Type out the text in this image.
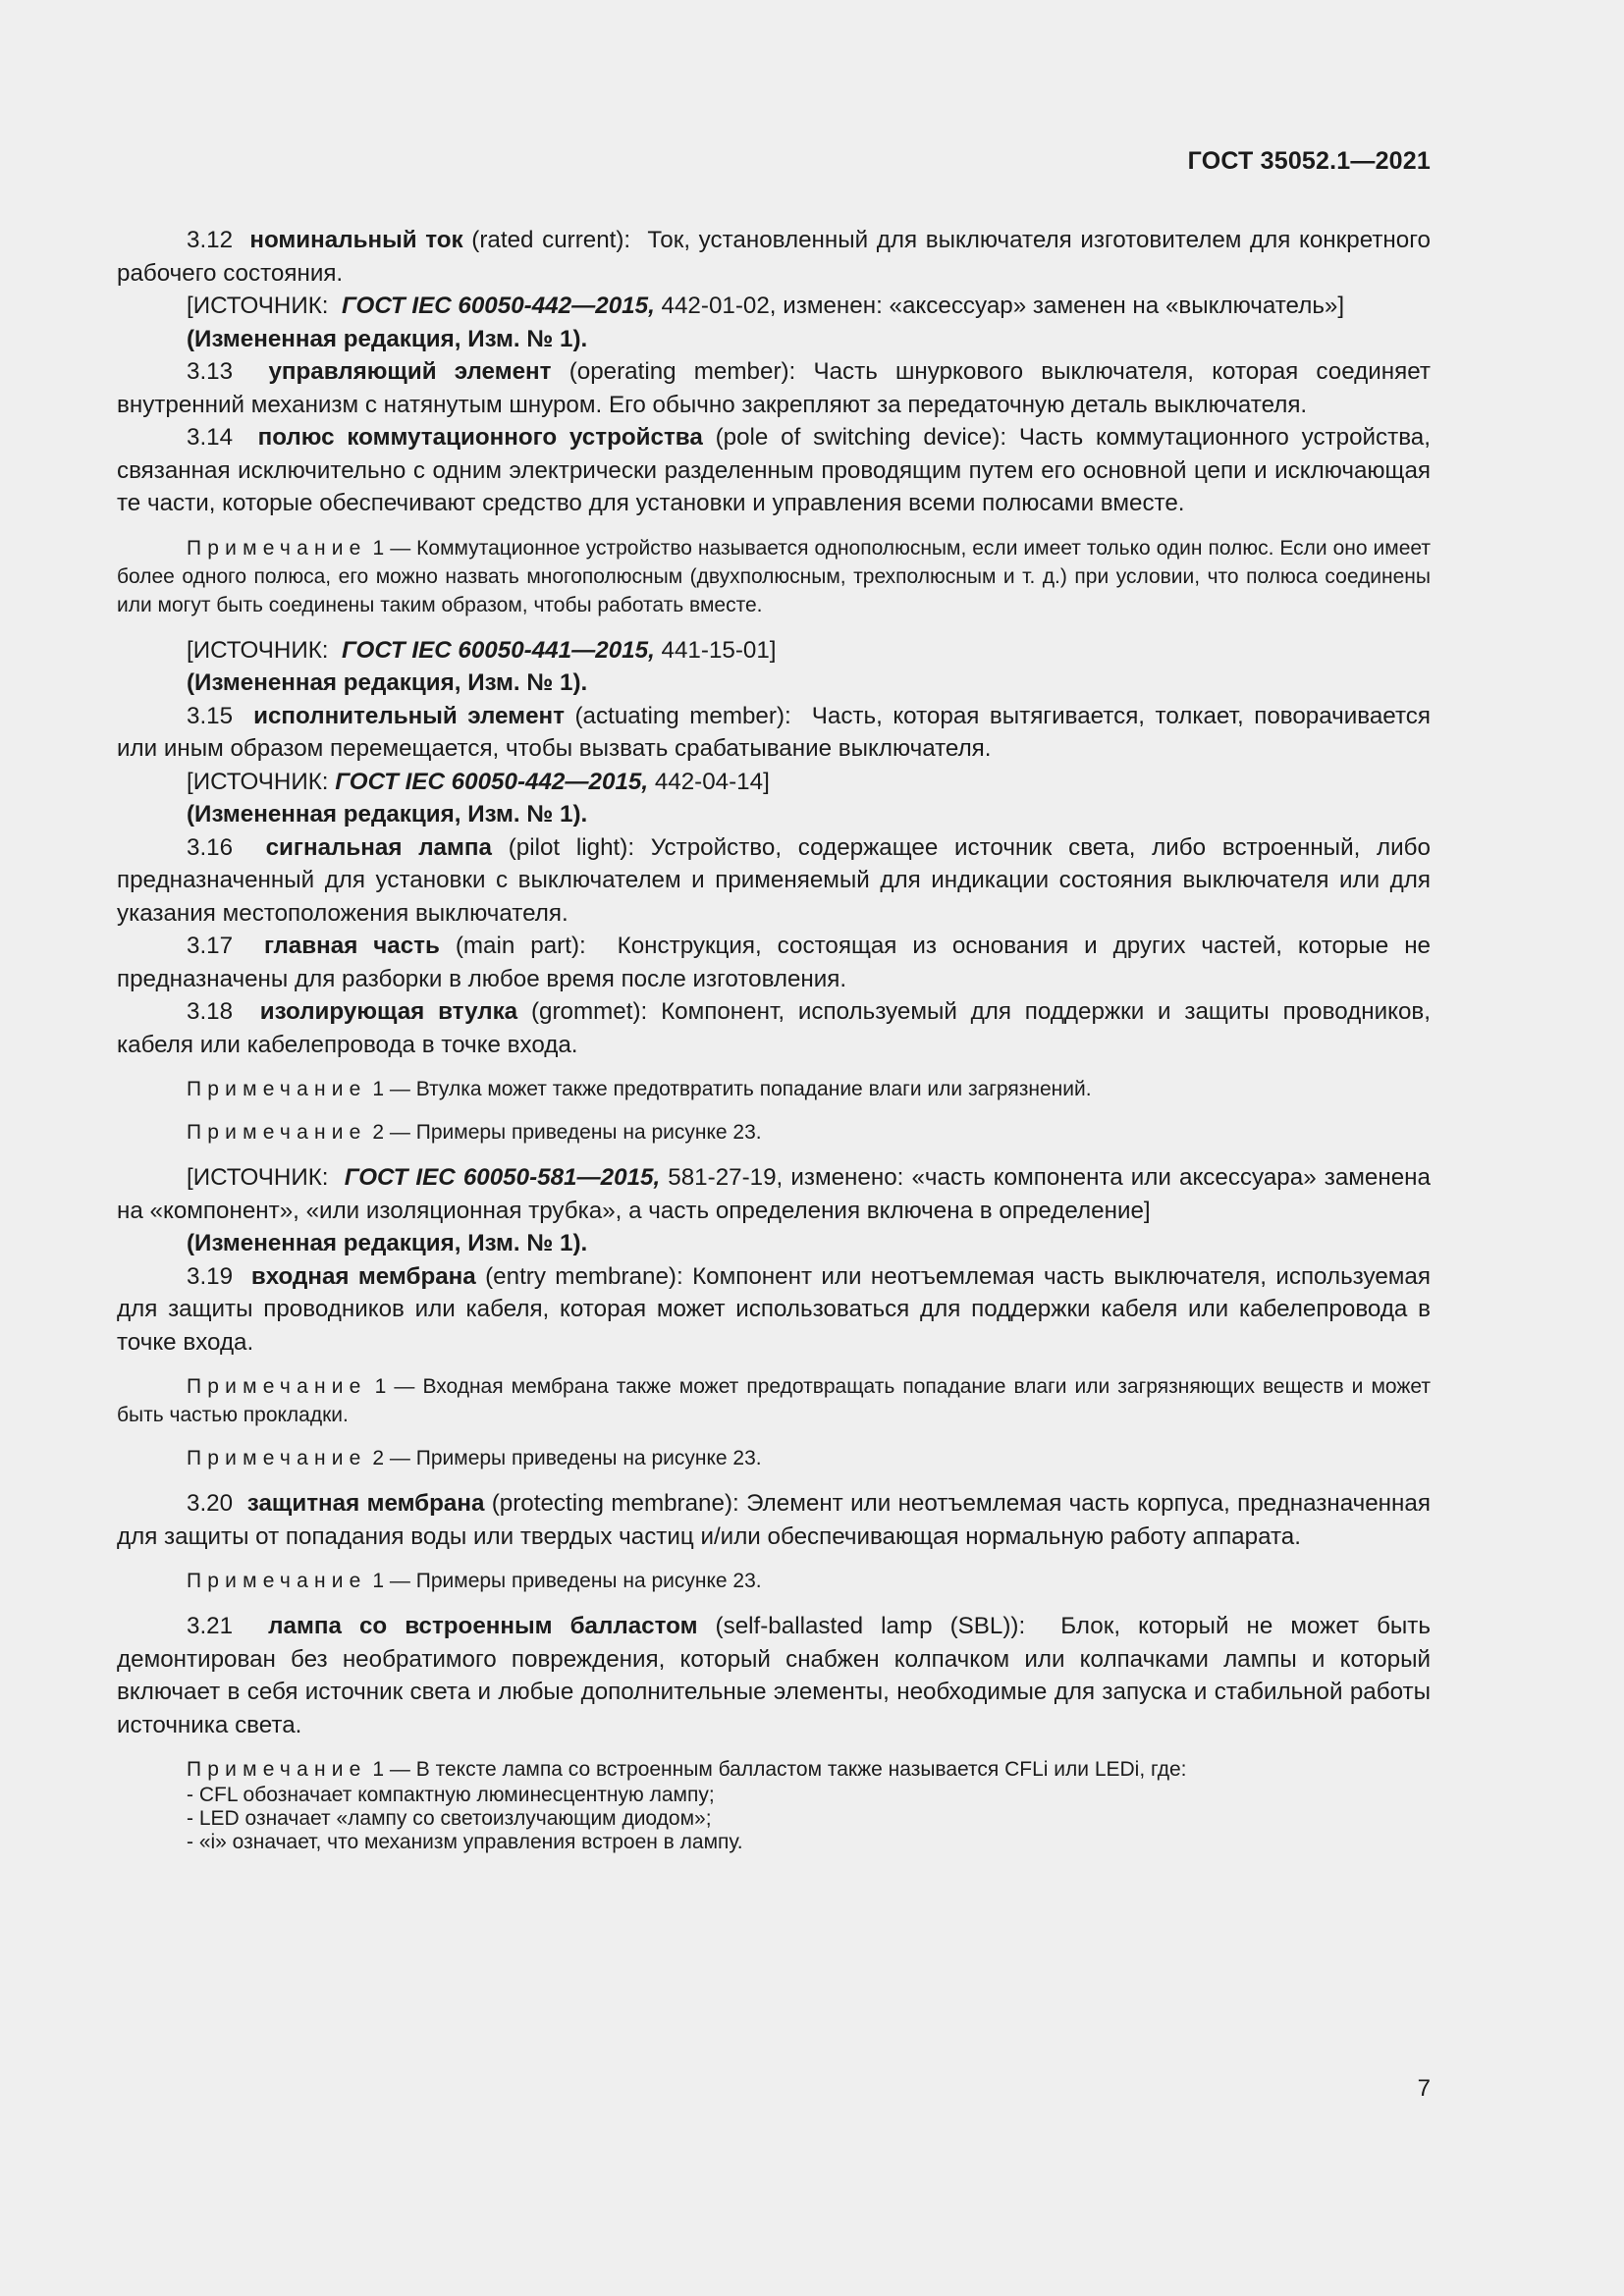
ГОСТ 35052.1—2021

3.12 номинальный ток (rated current): Ток, установленный для выключателя изготовителем для конкретного рабочего состояния.

[ИСТОЧНИК: ГОСТ IEC 60050-442—2015, 442-01-02, изменен: «аксессуар» заменен на «выключатель»]

(Измененная редакция, Изм. № 1).

3.13 управляющий элемент (operating member): Часть шнуркового выключателя, которая соединяет внутренний механизм с натянутым шнуром. Его обычно закрепляют за передаточную деталь выключателя.

3.14 полюс коммутационного устройства (pole of switching device): Часть коммутационного устройства, связанная исключительно с одним электрически разделенным проводящим путем его основной цепи и исключающая те части, которые обеспечивают средство для установки и управления всеми полюсами вместе.

Примечание 1 — Коммутационное устройство называется однополюсным, если имеет только один полюс. Если оно имеет более одного полюса, его можно назвать многополюсным (двухполюсным, трехполюсным и т. д.) при условии, что полюса соединены или могут быть соединены таким образом, чтобы работать вместе.

[ИСТОЧНИК: ГОСТ IEC 60050-441—2015, 441-15-01]

(Измененная редакция, Изм. № 1).

3.15 исполнительный элемент (actuating member): Часть, которая вытягивается, толкает, поворачивается или иным образом перемещается, чтобы вызвать срабатывание выключателя.

[ИСТОЧНИК: ГОСТ IEC 60050-442—2015, 442-04-14]

(Измененная редакция, Изм. № 1).

3.16 сигнальная лампа (pilot light): Устройство, содержащее источник света, либо встроенный, либо предназначенный для установки с выключателем и применяемый для индикации состояния выключателя или для указания местоположения выключателя.

3.17 главная часть (main part): Конструкция, состоящая из основания и других частей, которые не предназначены для разборки в любое время после изготовления.

3.18 изолирующая втулка (grommet): Компонент, используемый для поддержки и защиты проводников, кабеля или кабелепровода в точке входа.

Примечание 1 — Втулка может также предотвратить попадание влаги или загрязнений.

Примечание 2 — Примеры приведены на рисунке 23.

[ИСТОЧНИК: ГОСТ IEC 60050-581—2015, 581-27-19, изменено: «часть компонента или аксессуара» заменена на «компонент», «или изоляционная трубка», а часть определения включена в определение]

(Измененная редакция, Изм. № 1).

3.19 входная мембрана (entry membrane): Компонент или неотъемлемая часть выключателя, используемая для защиты проводников или кабеля, которая может использоваться для поддержки кабеля или кабелепровода в точке входа.

Примечание 1 — Входная мембрана также может предотвращать попадание влаги или загрязняющих веществ и может быть частью прокладки.

Примечание 2 — Примеры приведены на рисунке 23.

3.20 защитная мембрана (protecting membrane): Элемент или неотъемлемая часть корпуса, предназначенная для защиты от попадания воды или твердых частиц и/или обеспечивающая нормальную работу аппарата.

Примечание 1 — Примеры приведены на рисунке 23.

3.21 лампа со встроенным балластом (self-ballasted lamp (SBL)): Блок, который не может быть демонтирован без необратимого повреждения, который снабжен колпачком или колпачками лампы и который включает в себя источник света и любые дополнительные элементы, необходимые для запуска и стабильной работы источника света.

Примечание 1 — В тексте лампа со встроенным балластом также называется CFLi или LEDi, где:

- CFL обозначает компактную люминесцентную лампу;
- LED означает «лампу со светоизлучающим диодом»;
- «i» означает, что механизм управления встроен в лампу.
7
